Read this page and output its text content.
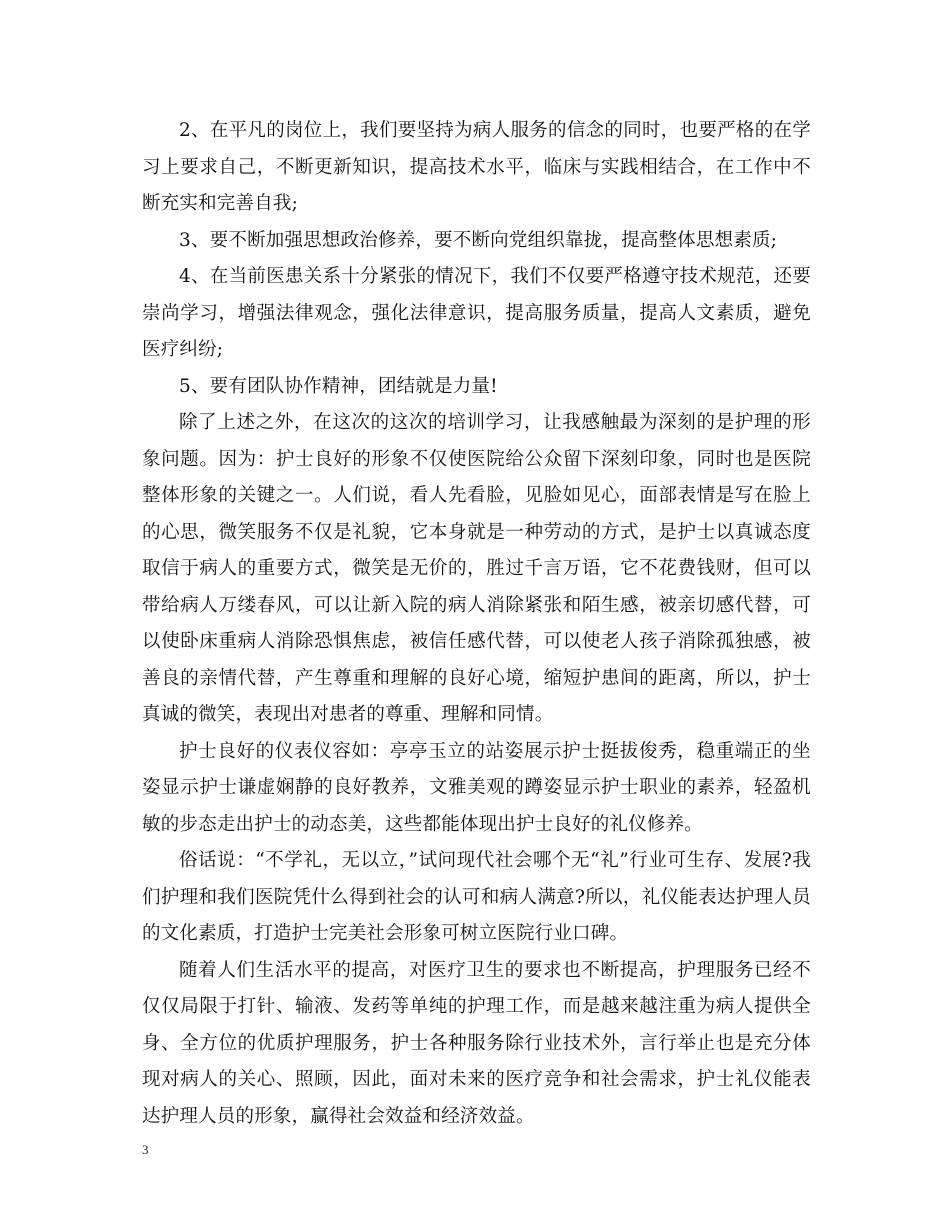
2、在平凡的岗位上，我们要坚持为病人服务的信念的同时，也要严格的在学习上要求自己，不断更新知识，提高技术水平，临床与实践相结合，在工作中不断充实和完善自我;

3、要不断加强思想政治修养，要不断向党组织靠拢，提高整体思想素质;

4、在当前医患关系十分紧张的情况下，我们不仅要严格遵守技术规范，还要崇尚学习，增强法律观念，强化法律意识，提高服务质量，提高人文素质，避免医疗纠纷;

5、要有团队协作精神，团结就是力量!

除了上述之外，在这次的这次的培训学习，让我感触最为深刻的是护理的形象问题。因为：护士良好的形象不仅使医院给公众留下深刻印象，同时也是医院整体形象的关键之一。人们说，看人先看脸，见脸如见心，面部表情是写在脸上的心思，微笑服务不仅是礼貌，它本身就是一种劳动的方式，是护士以真诚态度取信于病人的重要方式，微笑是无价的，胜过千言万语，它不花费钱财，但可以带给病人万缕春风，可以让新入院的病人消除紧张和陌生感，被亲切感代替，可以使卧床重病人消除恐惧焦虑，被信任感代替，可以使老人孩子消除孤独感，被善良的亲情代替，产生尊重和理解的良好心境，缩短护患间的距离，所以，护士真诚的微笑，表现出对患者的尊重、理解和同情。

护士良好的仪表仪容如：亭亭玉立的站姿展示护士挺拔俊秀，稳重端正的坐姿显示护士谦虚娴静的良好教养，文雅美观的蹲姿显示护士职业的素养，轻盈机敏的步态走出护士的动态美，这些都能体现出护士良好的礼仪修养。

俗话说：“不学礼，无以立，”试问现代社会哪个无“礼”行业可生存、发展?我们护理和我们医院凭什么得到社会的认可和病人满意?所以，礼仪能表达护理人员的文化素质，打造护士完美社会形象可树立医院行业口碑。

随着人们生活水平的提高，对医疗卫生的要求也不断提高，护理服务已经不仅仅局限于打针、输液、发药等单纯的护理工作，而是越来越注重为病人提供全身、全方位的优质护理服务，护士各种服务除行业技术外，言行举止也是充分体现对病人的关心、照顾，因此，面对未来的医疗竞争和社会需求，护士礼仪能表达护理人员的形象，赢得社会效益和经济效益。

3
